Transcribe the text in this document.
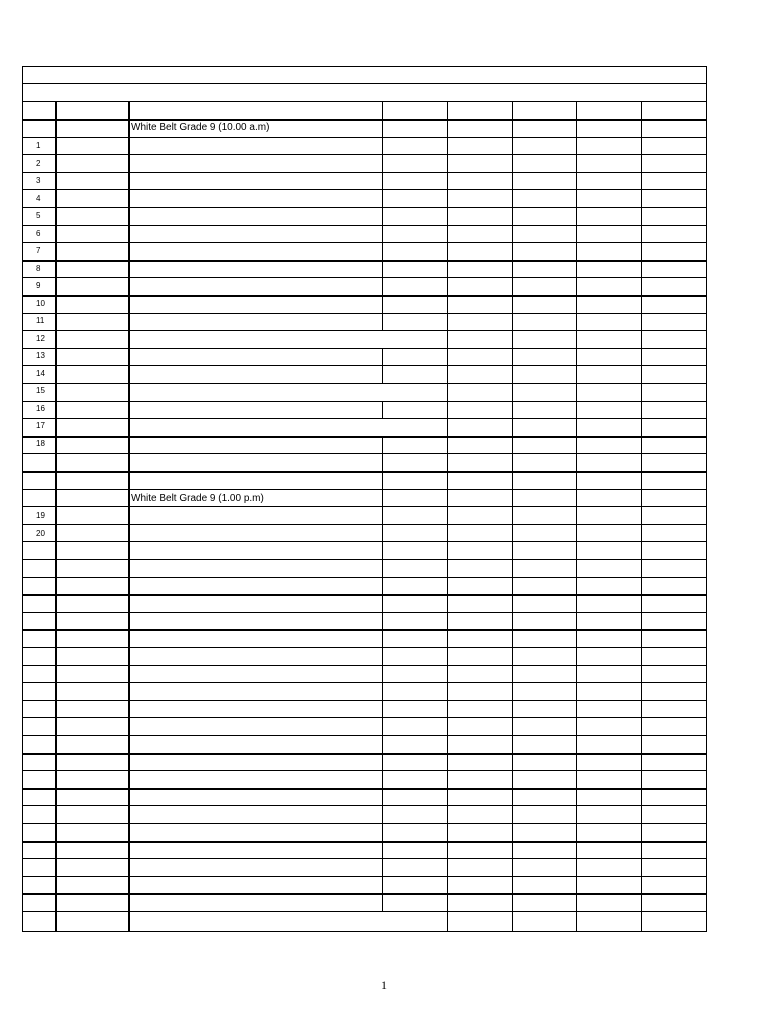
White Belt Grade 9 (10.00 a.m)
1
2
3
4
5
6
7
8
9
10
11
12
13
14
15
16
17
18
White Belt Grade 9 (1.00 p.m)
19
20
1
